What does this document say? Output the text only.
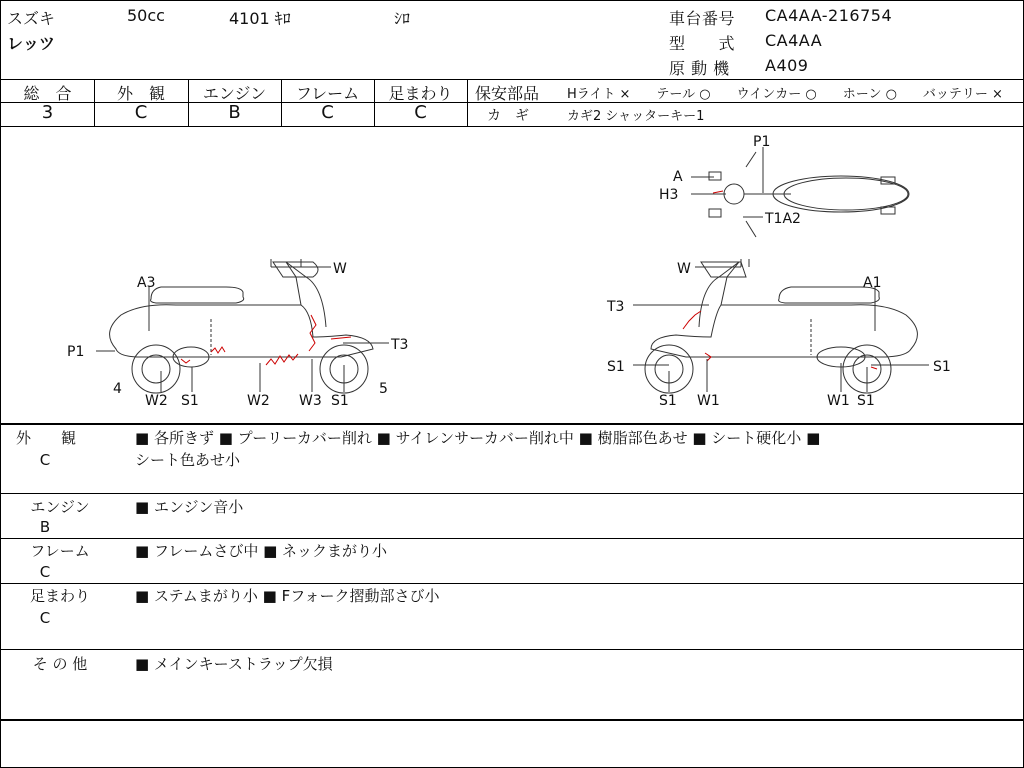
スズキ	50cc	4101 ｷﾛ	ｼﾛ
レッツ
車台番号 CA4AA-216754
型　　式 CA4AA
原 動 機 A409
総　合	外　観	エンジン	フレーム	足まわり
3	C	B	C	C
保安部品 Hライト ×　　テール ○　　ウインカー ○　　ホーン ○　　バッテリー ×
カ　ギ	カギ2 シャッターキー1
A3
W
P1	T3
4	5
W2 S1	W2 W3 S1
P1
A
H3
T1A2
W
A1
T3
S1	S1
S1 W1	W1 S1
外　　観
C
■ 各所きず ■ プーリーカバー削れ ■ サイレンサーカバー削れ中 ■ 樹脂部色あせ ■ シート硬化小 ■
シート色あせ小
エンジン
B
■ エンジン音小
フレーム
C
■ フレームさび中 ■ ネックまがり小
足まわり
C
■ ステムまがり小 ■ Fフォーク摺動部さび小
そ の 他	■ メインキーストラップ欠損
